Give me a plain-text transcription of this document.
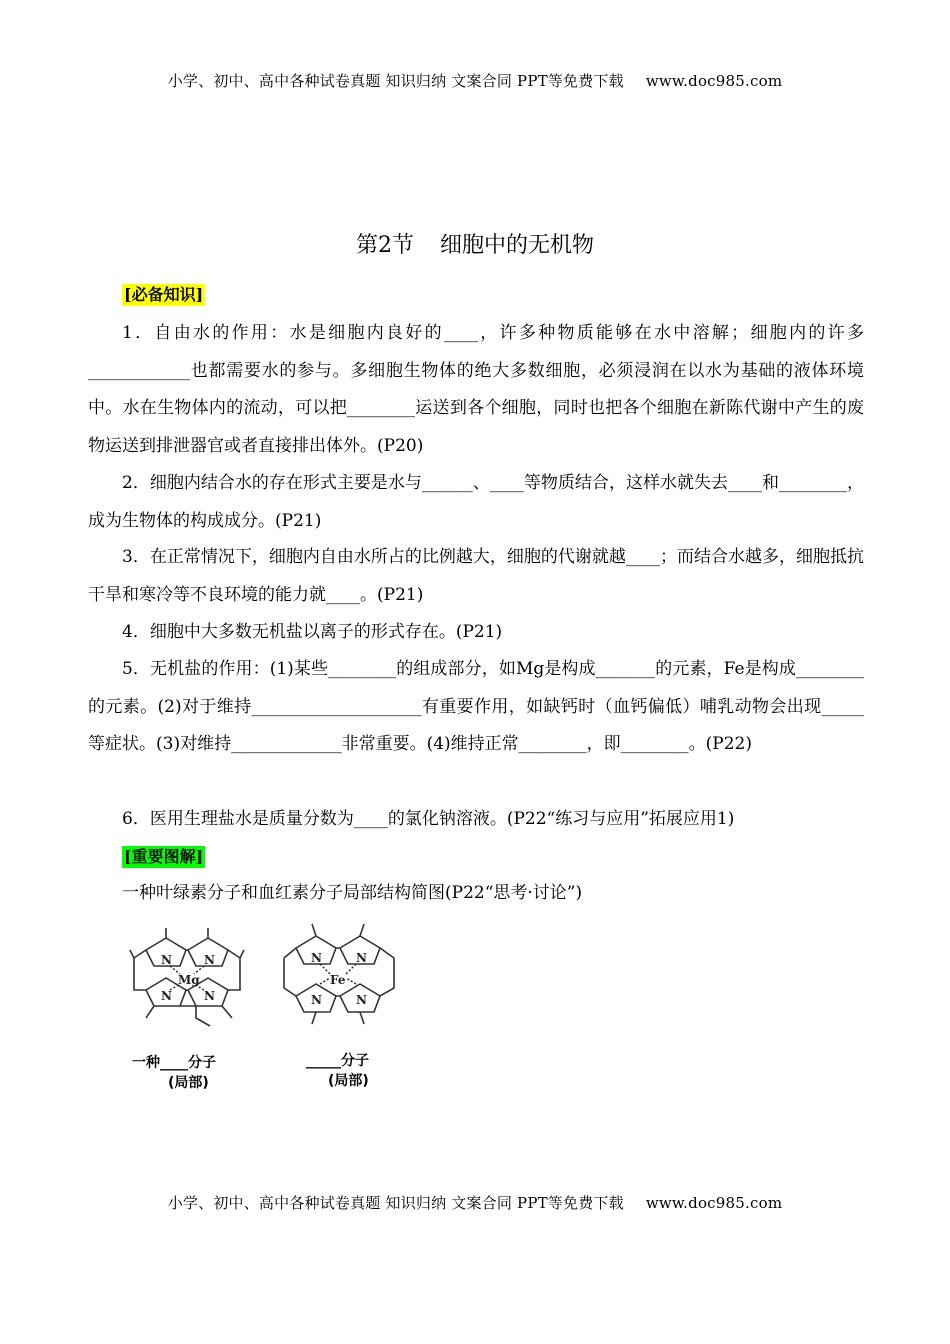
小学、初中、高中各种试卷真题 知识归纳 文案合同 PPT等免费下载 www.doc985.com
第2节 细胞中的无机物
[必备知识]
1．自由水的作用：水是细胞内良好的____，许多种物质能够在水中溶解；细胞内的许多____________也都需要水的参与。多细胞生物体的绝大多数细胞，必须浸润在以水为基础的液体环境中。水在生物体内的流动，可以把________运送到各个细胞，同时也把各个细胞在新陈代谢中产生的废物运送到排泄器官或者直接排出体外。(P20)
2．细胞内结合水的存在形式主要是水与______、____等物质结合，这样水就失去____和________，成为生物体的构成成分。(P21)
3．在正常情况下，细胞内自由水所占的比例越大，细胞的代谢就越____；而结合水越多，细胞抵抗干旱和寒冷等不良环境的能力就____。(P21)
4．细胞中大多数无机盐以离子的形式存在。(P21)
5．无机盐的作用：(1)某些________的组成部分，如Mg是构成_______的元素，Fe是构成________的元素。(2)对于维持____________________有重要作用，如缺钙时（血钙偏低）哺乳动物会出现_____等症状。(3)对维持_____________非常重要。(4)维持正常________，即________。(P22)
6．医用生理盐水是质量分数为____的氯化钠溶液。(P22“练习与应用”拓展应用1)
[重要图解]
一种叶绿素分子和血红素分子局部结构简图(P22“思考·讨论”)
N	N
N	N
Mg
N	N
N	N
Fe
一种____分子
(局部)
_____分子
(局部)
小学、初中、高中各种试卷真题 知识归纳 文案合同 PPT等免费下载 www.doc985.com
